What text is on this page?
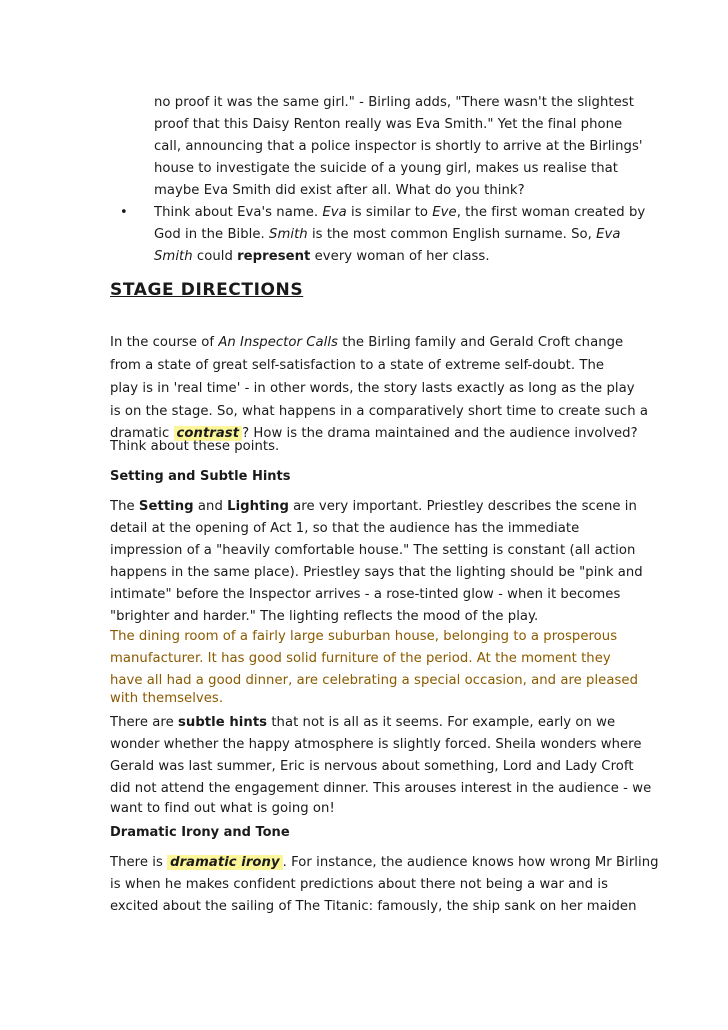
no proof it was the same girl." - Birling adds, "There wasn't the slightest
proof that this Daisy Renton really was Eva Smith." Yet the final phone
call, announcing that a police inspector is shortly to arrive at the Birlings'
house to investigate the suicide of a young girl, makes us realise that
maybe Eva Smith did exist after all. What do you think?
• Think about Eva's name. Eva is similar to Eve, the first woman created by
God in the Bible. Smith is the most common English surname. So, Eva
Smith could represent every woman of her class.
STAGE DIRECTIONS
In the course of An Inspector Calls the Birling family and Gerald Croft change
from a state of great self-satisfaction to a state of extreme self-doubt. The
play is in 'real time' - in other words, the story lasts exactly as long as the play
is on the stage. So, what happens in a comparatively short time to create such a
dramatic contrast ? How is the drama maintained and the audience involved?
Think about these points.
Setting and Subtle Hints
The Setting and Lighting are very important. Priestley describes the scene in
detail at the opening of Act 1, so that the audience has the immediate
impression of a "heavily comfortable house." The setting is constant (all action
happens in the same place). Priestley says that the lighting should be "pink and
intimate" before the Inspector arrives - a rose-tinted glow - when it becomes
"brighter and harder." The lighting reflects the mood of the play.
The dining room of a fairly large suburban house, belonging to a prosperous
manufacturer. It has good solid furniture of the period. At the moment they
have all had a good dinner, are celebrating a special occasion, and are pleased
with themselves.
There are subtle hints that not is all as it seems. For example, early on we
wonder whether the happy atmosphere is slightly forced. Sheila wonders where
Gerald was last summer, Eric is nervous about something, Lord and Lady Croft
did not attend the engagement dinner. This arouses interest in the audience - we
want to find out what is going on!
Dramatic Irony and Tone
There is dramatic irony . For instance, the audience knows how wrong Mr Birling
is when he makes confident predictions about there not being a war and is
excited about the sailing of The Titanic: famously, the ship sank on her maiden
